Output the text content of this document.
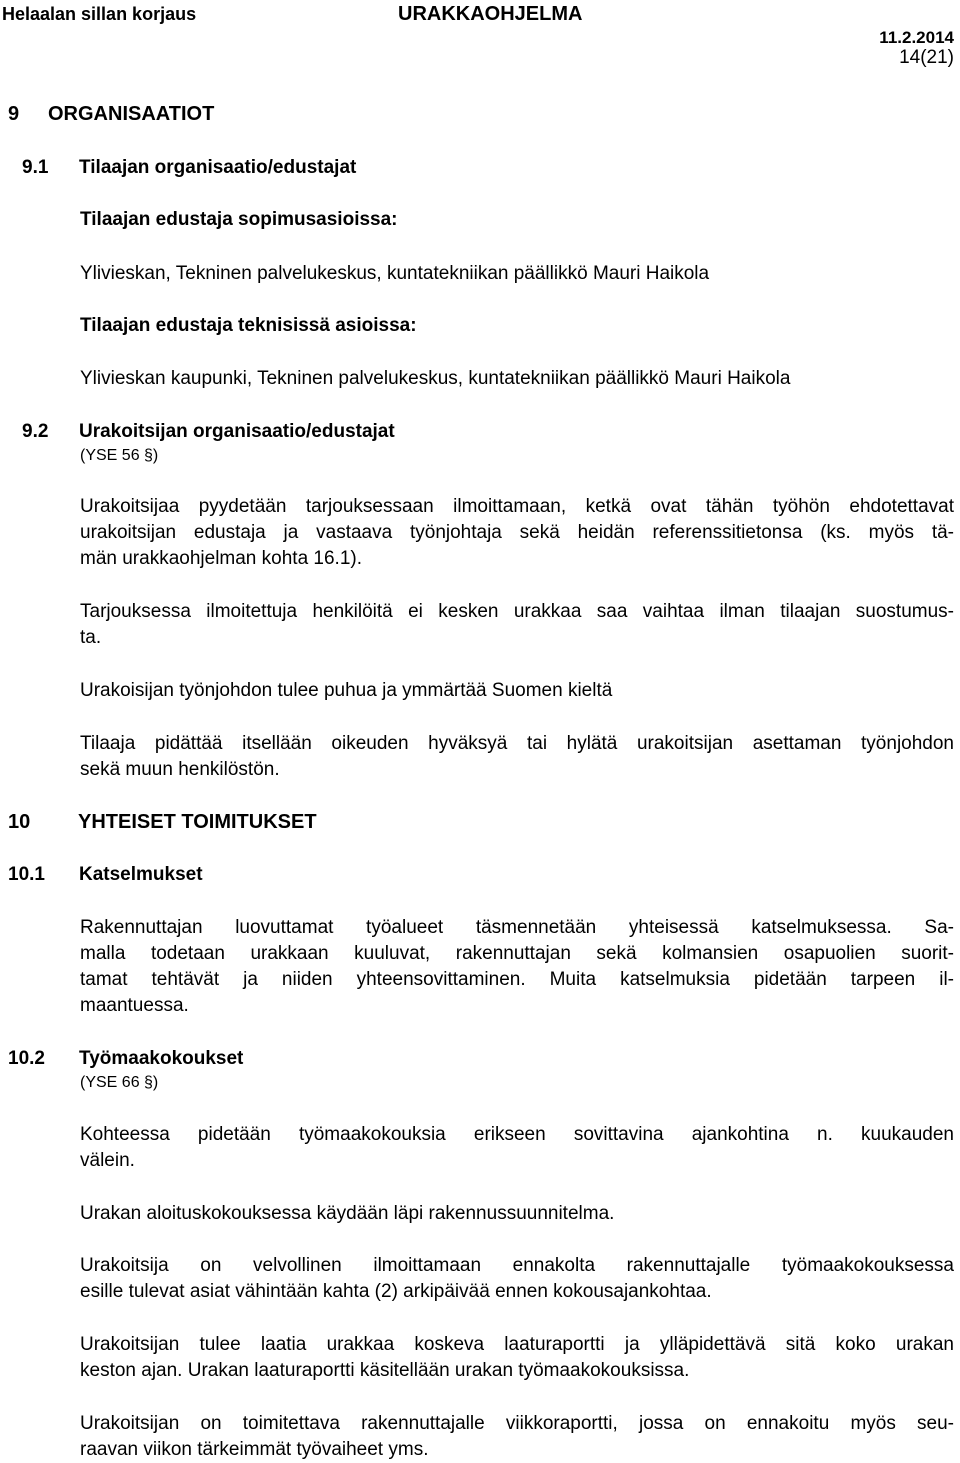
Helaalan sillan korjaus	URAKKAOHJELMA
11.2.2014
14(21)
9 ORGANISAATIOT
9.1 Tilaajan organisaatio/edustajat
Tilaajan edustaja sopimusasioissa:
Ylivieskan, Tekninen palvelukeskus, kuntatekniikan päällikkö Mauri Haikola
Tilaajan edustaja teknisissä asioissa:
Ylivieskan kaupunki, Tekninen palvelukeskus, kuntatekniikan päällikkö Mauri Haikola
9.2 Urakoitsijan organisaatio/edustajat
(YSE 56 §)
Urakoitsijaa pyydetään tarjouksessaan ilmoittamaan, ketkä ovat tähän työhön ehdotettavat
urakoitsijan edustaja ja vastaava työnjohtaja sekä heidän referenssitietonsa (ks. myös tä-
män urakkaohjelman kohta 16.1).
Tarjouksessa ilmoitettuja henkilöitä ei kesken urakkaa saa vaihtaa ilman tilaajan suostumus-
ta.
Urakoisijan työnjohdon tulee puhua ja ymmärtää Suomen kieltä
Tilaaja pidättää itsellään oikeuden hyväksyä tai hylätä urakoitsijan asettaman työnjohdon
sekä muun henkilöstön.
10 YHTEISET TOIMITUKSET
10.1 Katselmukset
Rakennuttajan luovuttamat työalueet täsmennetään yhteisessä katselmuksessa. Sa-
malla todetaan urakkaan kuuluvat, rakennuttajan sekä kolmansien osapuolien suorit-
tamat tehtävät ja niiden yhteensovittaminen. Muita katselmuksia pidetään tarpeen il-
maantuessa.
10.2 Työmaakokoukset
(YSE 66 §)
Kohteessa pidetään työmaakokouksia erikseen sovittavina ajankohtina n. kuukauden
välein.
Urakan aloituskokouksessa käydään läpi rakennussuunnitelma.
Urakoitsija on velvollinen ilmoittamaan ennakolta rakennuttajalle työmaakokouksessa
esille tulevat asiat vähintään kahta (2) arkipäivää ennen kokousajankohtaa.
Urakoitsijan tulee laatia urakkaa koskeva laaturaportti ja ylläpidettävä sitä koko urakan
keston ajan. Urakan laaturaportti käsitellään urakan työmaakokouksissa.
Urakoitsijan on toimitettava rakennuttajalle viikkoraportti, jossa on ennakoitu myös seu-
raavan viikon tärkeimmät työvaiheet yms.
